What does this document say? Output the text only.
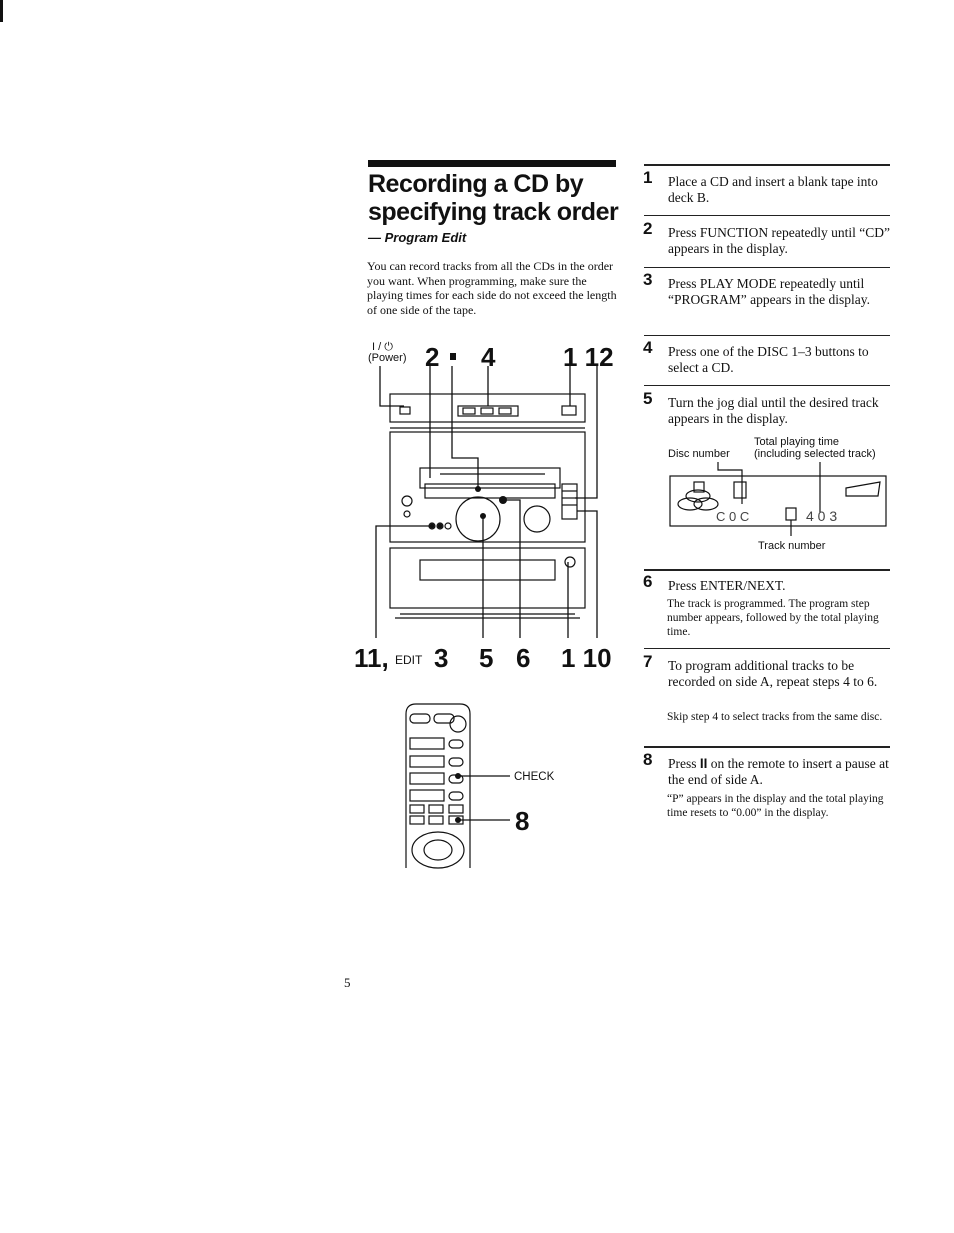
Recording a CD by
specifying track order
— Program Edit
You can record tracks from all the CDs in the order you want. When programming, make sure the playing times for each side do not exceed the length of one side of the tape.
I / ⏻
(Power) 2 4	1 12
11, EDIT 3 5 6 1 10
CHECK
8
1 Place a CD and insert a blank tape into deck B.
2 Press FUNCTION repeatedly until “CD” appears in the display.
3 Press PLAY MODE repeatedly until “PROGRAM” appears in the display.
4 Press one of the DISC 1–3 buttons to select a CD.
5 Turn the jog dial until the desired track appears in the display.
Total playing time
Disc number (including selected track)
C 0 C	4 0 3
Track number
6 Press ENTER/NEXT.
The track is programmed. The program step number appears, followed by the total playing time.
7 To program additional tracks to be recorded on side A, repeat steps 4 to 6.
Skip step 4 to select tracks from the same disc.
8 Press II on the remote to insert a pause at the end of side A.
“P” appears in the display and the total playing time resets to “0.00” in the display.
5
